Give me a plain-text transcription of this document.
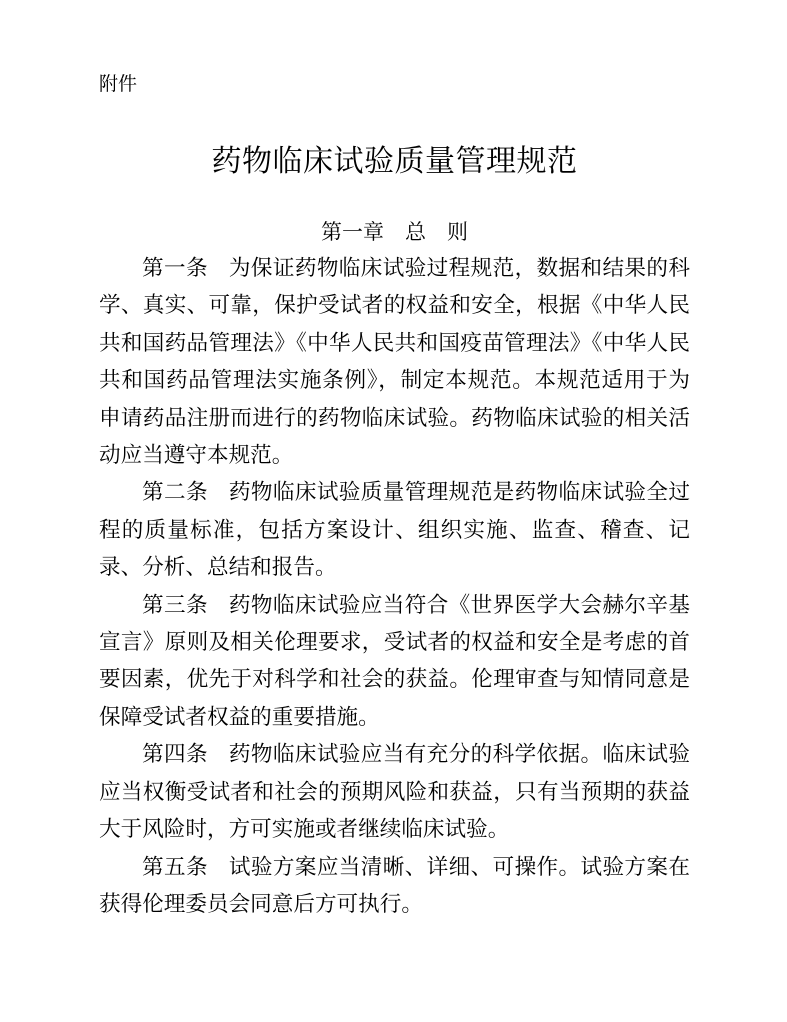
附件

药物临床试验质量管理规范
第一章　总　则

第一条 为保证药物临床试验过程规范，数据和结果的科学、真实、可靠，保护受试者的权益和安全，根据《中华人民共和国药品管理法》《中华人民共和国疫苗管理法》《中华人民共和国药品管理法实施条例》，制定本规范。本规范适用于为申请药品注册而进行的药物临床试验。药物临床试验的相关活动应当遵守本规范。

第二条 药物临床试验质量管理规范是药物临床试验全过程的质量标准，包括方案设计、组织实施、监查、稽查、记录、分析、总结和报告。

第三条 药物临床试验应当符合《世界医学大会赫尔辛基宣言》原则及相关伦理要求，受试者的权益和安全是考虑的首要因素，优先于对科学和社会的获益。伦理审查与知情同意是保障受试者权益的重要措施。

第四条 药物临床试验应当有充分的科学依据。临床试验应当权衡受试者和社会的预期风险和获益，只有当预期的获益大于风险时，方可实施或者继续临床试验。

第五条 试验方案应当清晰、详细、可操作。试验方案在获得伦理委员会同意后方可执行。
